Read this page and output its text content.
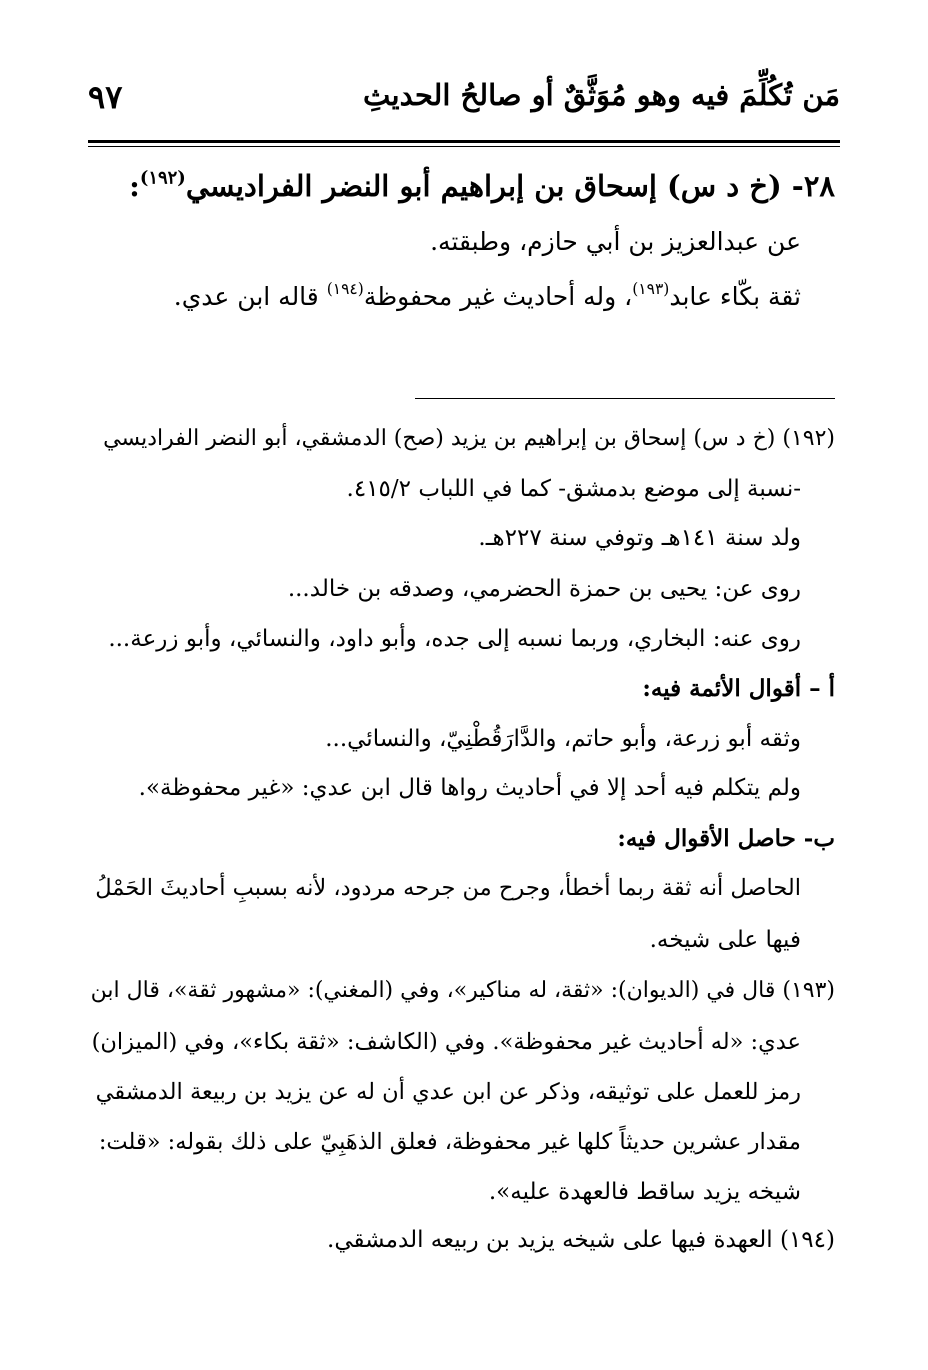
مَن تُكُلِّمَ فيه وهو مُوَثَّقٌ أو صالحُ الحديثِ
٩٧
٢٨- (خ د س) إسحاق بن إبراهيم أبو النضر الفراديسي$^{(١٩٢)}$:
عن عبدالعزيز بن أبي حازم، وطبقته.
ثقة بكّاء عابد$^{(١٩٣)}$، وله أحاديث غير محفوظة$^{(١٩٤)}$ قاله ابن عدي.
(١٩٢) (خ د س) إسحاق بن إبراهيم بن يزيد (صح) الدمشقي، أبو النضر الفراديسي
-نسبة إلى موضع بدمشق- كما في اللباب ٤١٥/٢.
ولد سنة ١٤١هـ وتوفي سنة ٢٢٧هـ.
روى عن: يحيى بن حمزة الحضرمي، وصدقه بن خالد...
روى عنه: البخاري، وربما نسبه إلى جده، وأبو داود، والنسائي، وأبو زرعة...
أ – أقوال الأئمة فيه:
وثقه أبو زرعة، وأبو حاتم، والدَّارَقُطْنِيّ، والنسائي...
ولم يتكلم فيه أحد إلا في أحاديث رواها قال ابن عدي: «غير محفوظة».
ب- حاصل الأقوال فيه:
الحاصل أنه ثقة ربما أخطأ، وجرح من جرحه مردود، لأنه بسببِ أحاديثَ الحَمْلُ
فيها على شيخه.
(١٩٣) قال في (الديوان): «ثقة، له مناكير»، وفي (المغني): «مشهور ثقة»، قال ابن
عدي: «له أحاديث غير محفوظة». وفي (الكاشف: «ثقة بكاء»، وفي (الميزان)
رمز للعمل على توثيقه، وذكر عن ابن عدي أن له عن يزيد بن ربيعة الدمشقي
مقدار عشرين حديثاً كلها غير محفوظة، فعلق الذهَبِيّ على ذلك بقوله: «قلت:
شيخه يزيد ساقط فالعهدة عليه».
(١٩٤) العهدة فيها على شيخه يزيد بن ربيعه الدمشقي.
